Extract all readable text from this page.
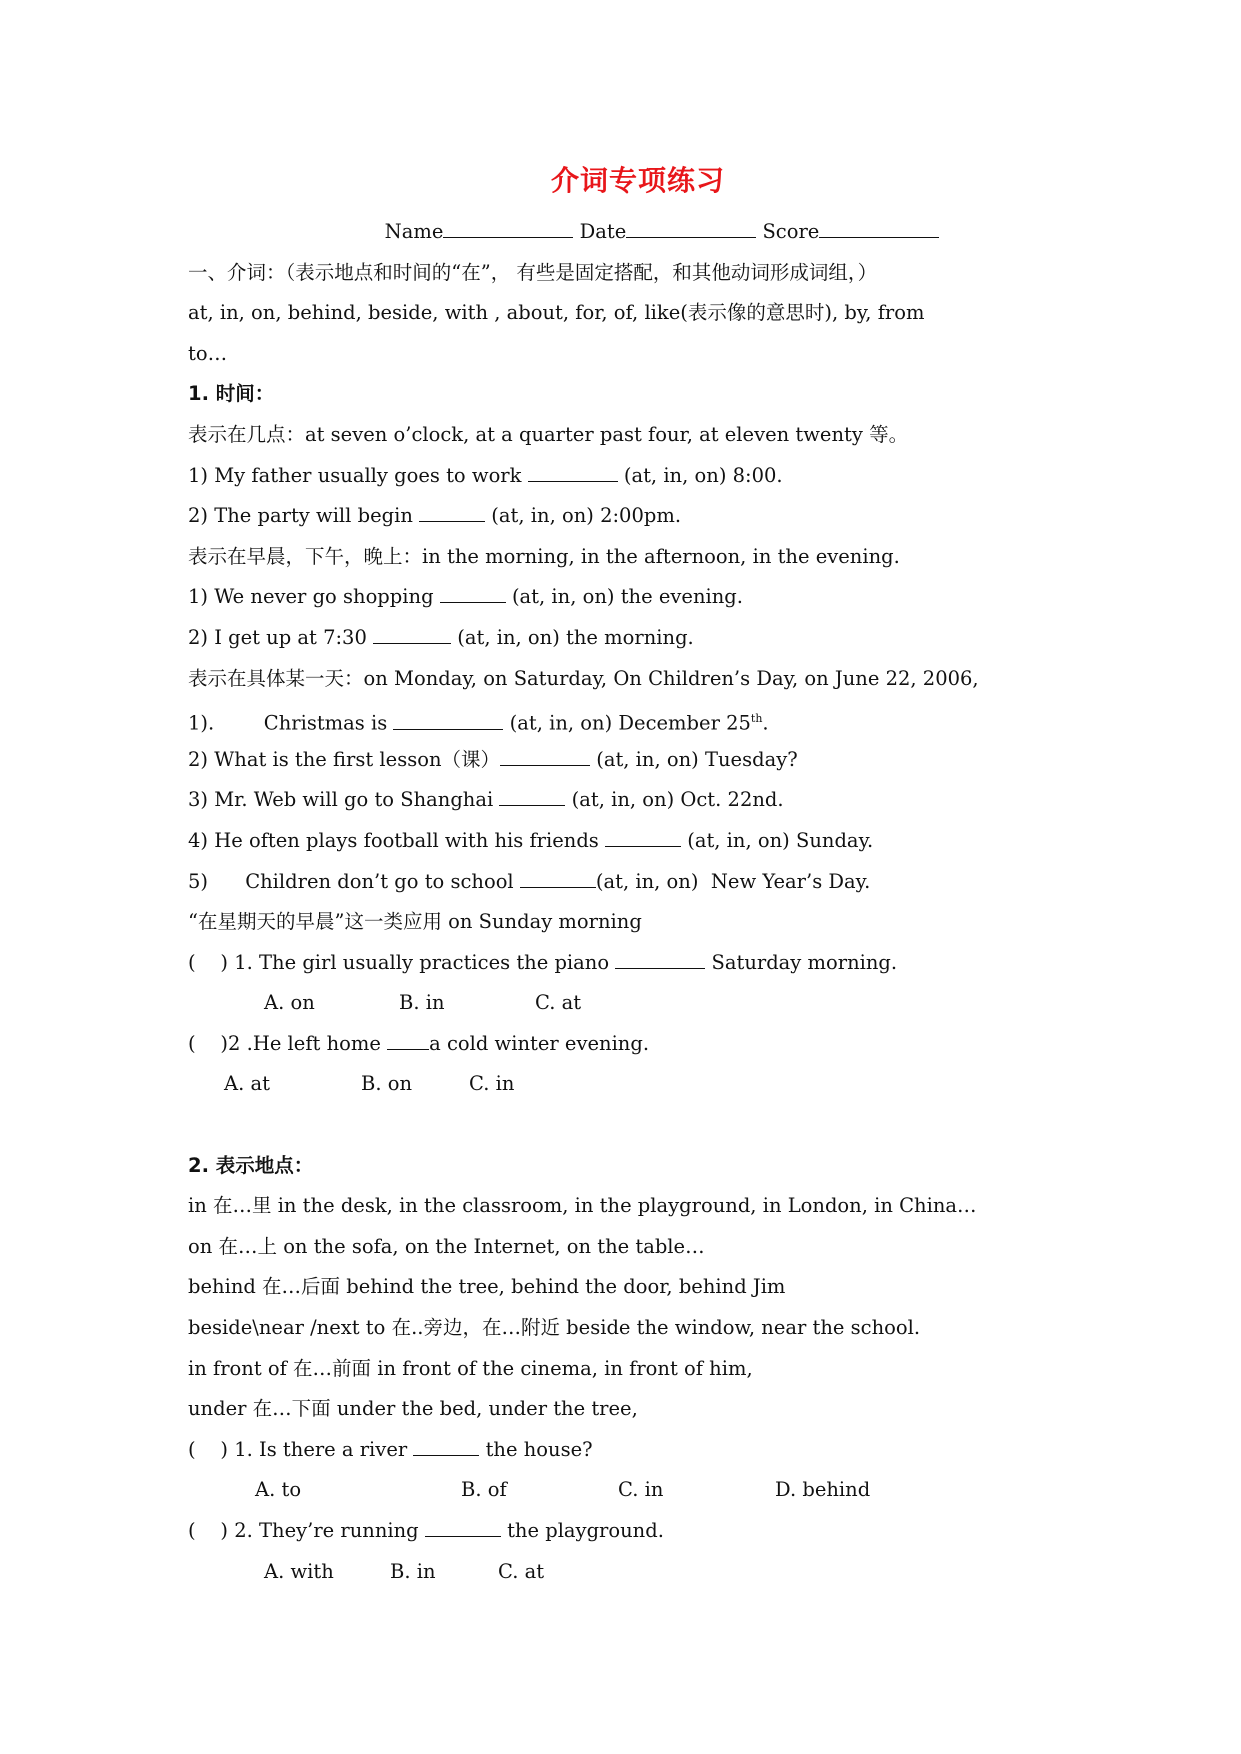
介词专项练习
Name	Date	Score
一、介词：（表示地点和时间的“在”， 有些是固定搭配，和其他动词形成词组，）
at, in, on, behind, beside, with , about, for, of, like(表示像的意思时), by, from
to…
1. 时间：
表示在几点：at seven o’clock, at a quarter past four, at eleven twenty 等。
1) My father usually goes to work	(at, in, on) 8:00.
2) The party will begin	(at, in, on) 2:00pm.
表示在早晨，下午，晚上：in the morning, in the afternoon, in the evening.
1) We never go shopping	(at, in, on) the evening.
2) I get up at 7:30	(at, in, on) the morning.
表示在具体某一天：on Monday, on Saturday, On Children’s Day, on June 22, 2006,
1).        Christmas is	(at, in, on) December 25th.
2) What is the first lesson（课）	(at, in, on) Tuesday?
3) Mr. Web will go to Shanghai	(at, in, on) Oct. 22nd.
4) He often plays football with his friends	(at, in, on) Sunday.
5)      Children don’t go to school	(at, in, on)  New Year’s Day.
“在星期天的早晨”这一类应用 on Sunday morning
(    ) 1. The girl usually practices the piano	Saturday morning.
A. on	B. in	C. at
(    )2 .He left home a cold winter evening.
A. at	B. on	C. in
2. 表示地点：
in 在…里 in the desk, in the classroom, in the playground, in London, in China…
on 在…上 on the sofa, on the Internet, on the table…
behind 在…后面 behind the tree, behind the door, behind Jim
beside\near /next to 在..旁边，在…附近 beside the window, near the school.
in front of 在…前面 in front of the cinema, in front of him,
under 在…下面 under the bed, under the tree,
(    ) 1. Is there a river	the house?
A. to	B. of	C. in	D. behind
(    ) 2. They’re running	the playground.
A. with	B. in	C. at
